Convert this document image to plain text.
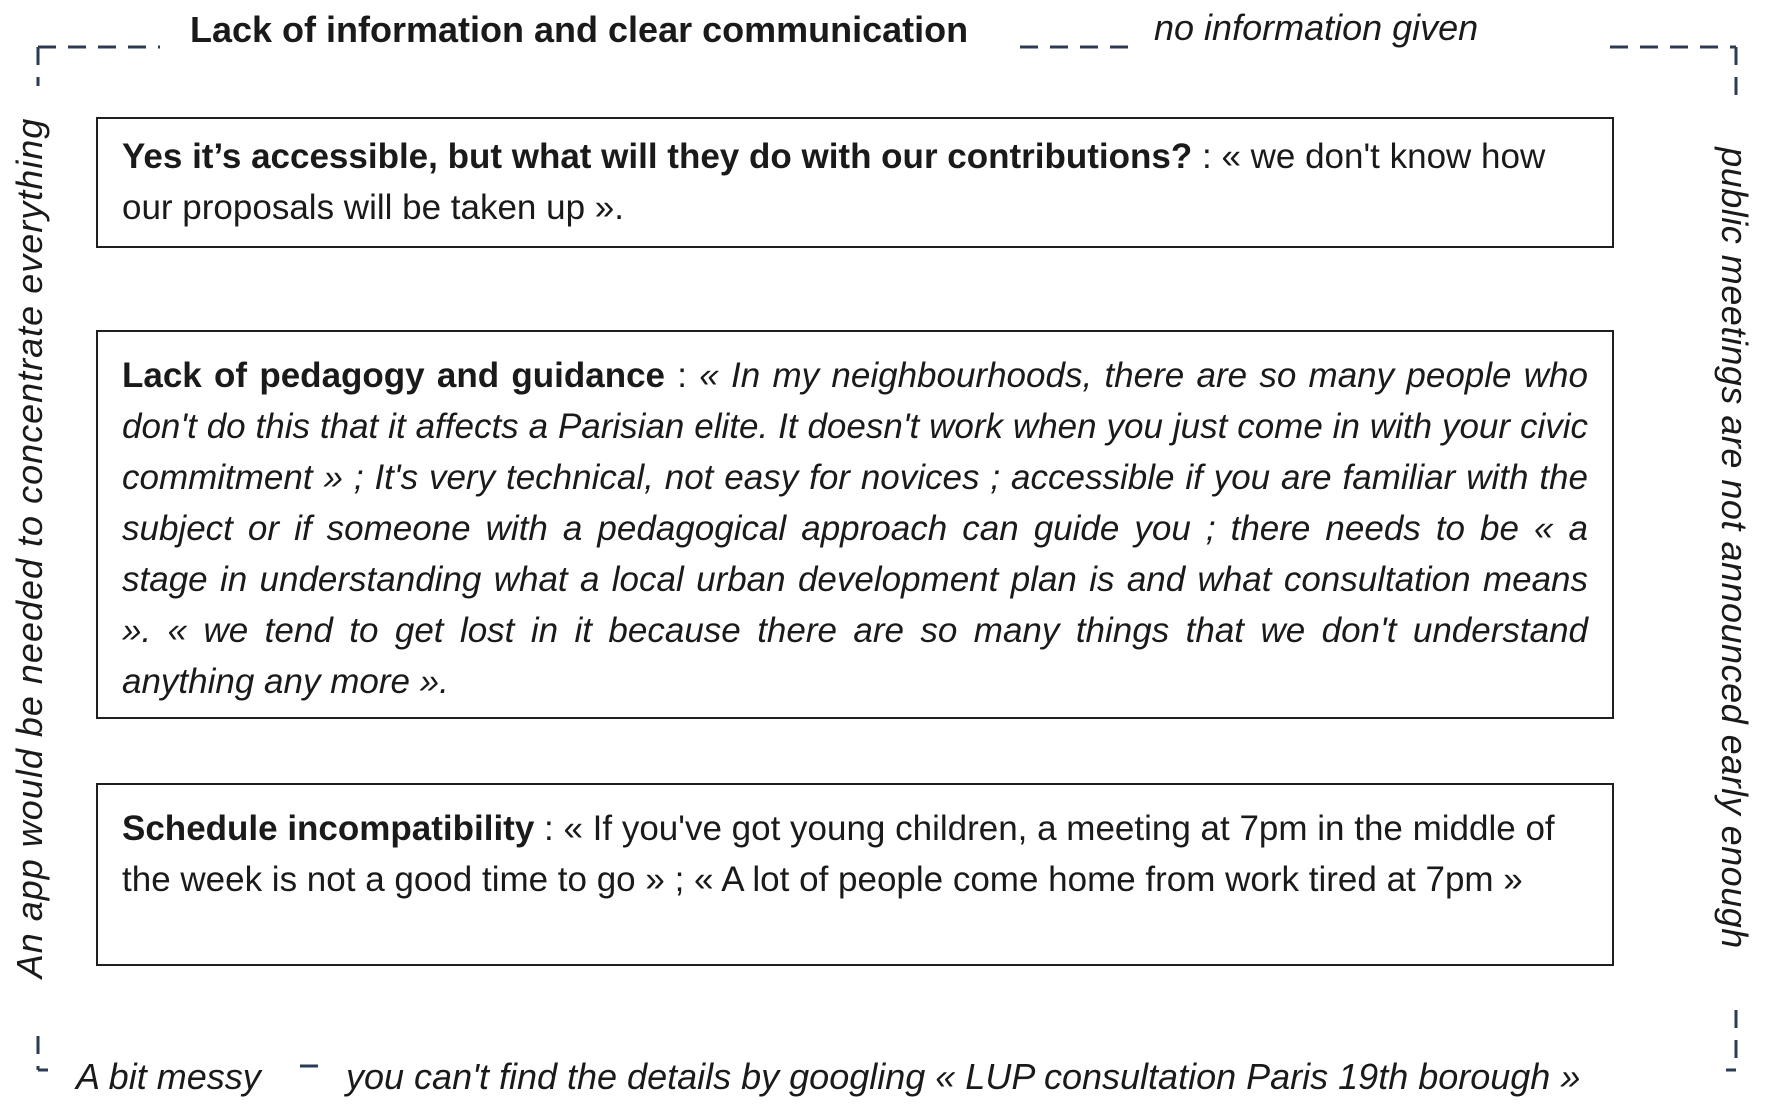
Lack of information and clear communication	no information given
An app would be needed to concentrate everything	public meetings are not announced early enough
A bit messy you can't find the details by googling « LUP consultation Paris 19th borough »
Yes it’s accessible, but what will they do with our contributions? : « we don't know how our proposals will be taken up ».
Lack of pedagogy and guidance : « In my neighbourhoods, there are so many people who don't do this that it affects a Parisian elite. It doesn't work when you just come in with your civic commitment » ; It's very technical, not easy for novices ; accessible if you are familiar with the subject or if someone with a pedagogical approach can guide you ; there needs to be « a stage in understanding what a local urban development plan is and what consultation means ». « we tend to get lost in it because there are so many things that we don't understand anything any more ».
Schedule incompatibility : « If you've got young children, a meeting at 7pm in the middle of the week is not a good time to go » ; « A lot of people come home from work tired at 7pm »
